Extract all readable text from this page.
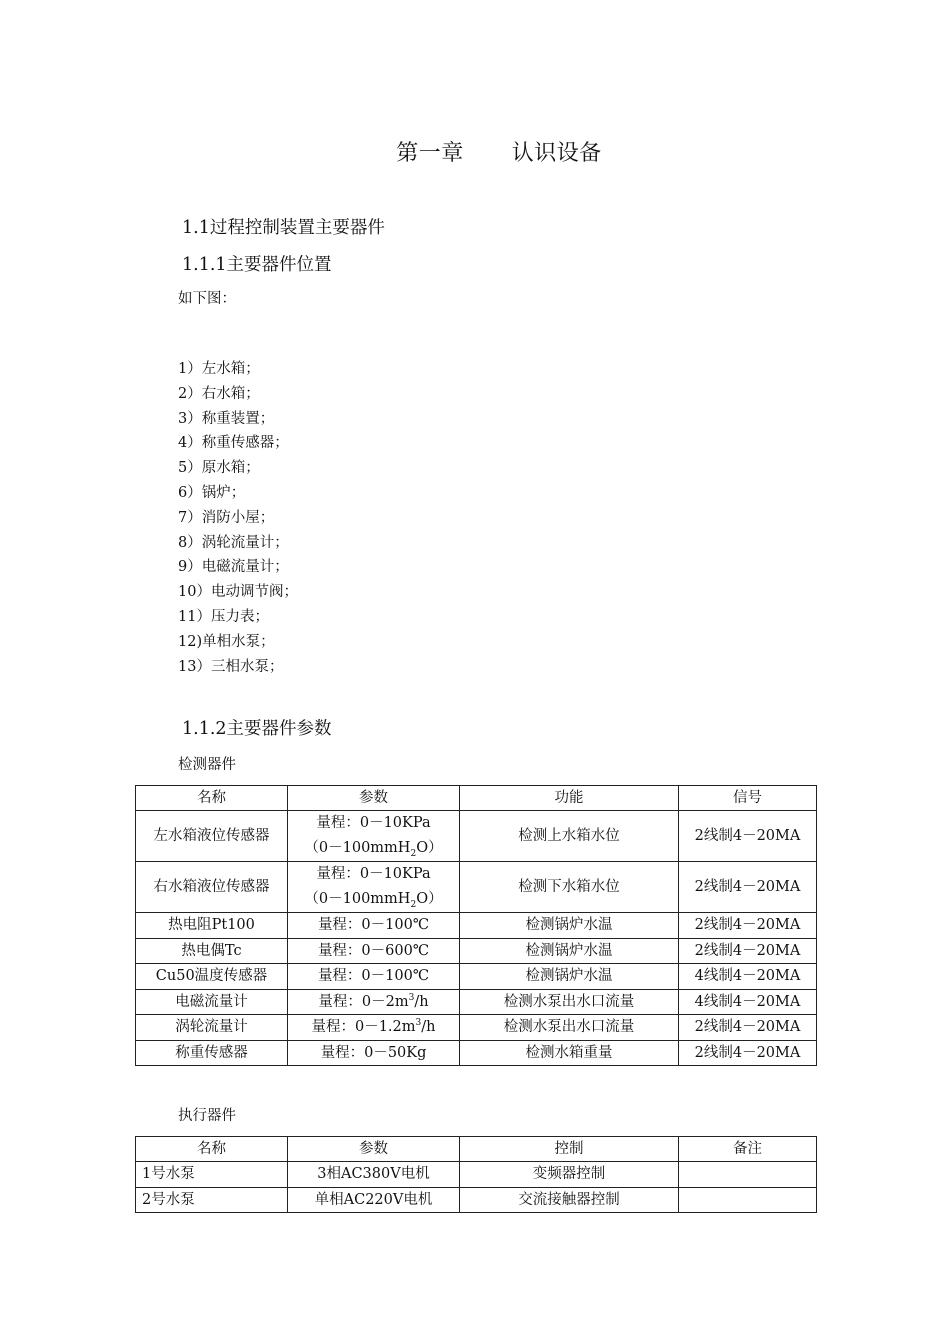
第一章 认识设备
1.1过程控制装置主要器件
1.1.1主要器件位置
如下图：
1）左水箱；
2）右水箱；
3）称重装置；
4）称重传感器；
5）原水箱；
6）锅炉；
7）消防小屋；
8）涡轮流量计；
9）电磁流量计；
10）电动调节阀；
11）压力表；
12)单相水泵；
13）三相水泵；
1.1.2主要器件参数
检测器件
名称	参数	功能	信号
左水箱液位传感器	量程：0－10KPa
（0－100mmH$_2$O）	检测上水箱水位	2线制4－20MA
右水箱液位传感器	量程：0－10KPa
（0－100mmH$_2$O）	检测下水箱水位	2线制4－20MA
热电阻Pt100	量程：0－100℃	检测锅炉水温	2线制4－20MA
热电偶Tc	量程：0－600℃	检测锅炉水温	2线制4－20MA
Cu50温度传感器	量程：0－100℃	检测锅炉水温	4线制4－20MA
电磁流量计	量程：$0-2m^3/h$	检测水泵出水口流量	4线制4－20MA
涡轮流量计	量程：$0-1.2m^3/h$	检测水泵出水口流量	2线制4－20MA
称重传感器	量程：0－50Kg	检测水箱重量	2线制4－20MA
执行器件
名称	参数	控制	备注
1号水泵	3相AC380V电机	变频器控制	
2号水泵	单相AC220V电机	交流接触器控制	
